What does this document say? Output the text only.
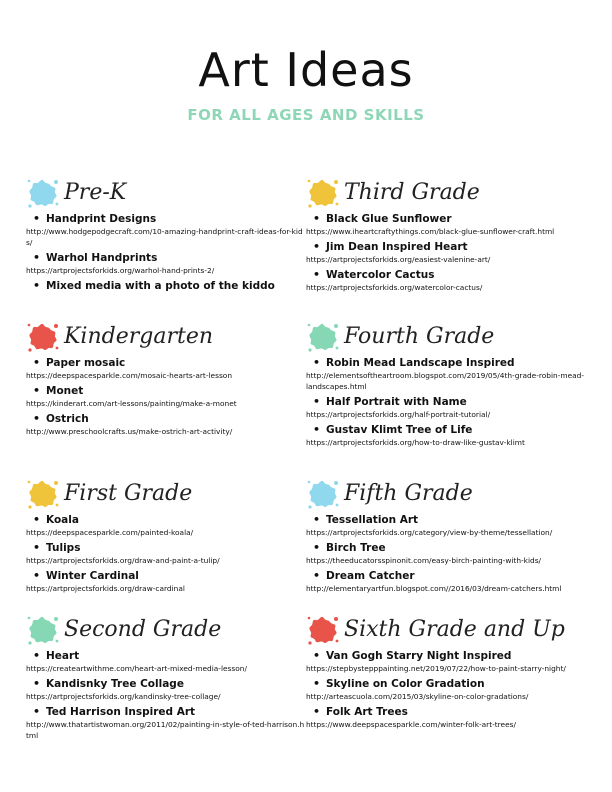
Art Ideas
FOR ALL AGES AND SKILLS
Pre-K
• Handprint Designs
http://www.hodgepodgecraft.com/10-amazing-handprint-craft-ideas-for-kids/
• Warhol Handprints
https://artprojectsforkids.org/warhol-hand-prints-2/
• Mixed media with a photo of the kiddo
Third Grade
• Black Glue Sunflower
https://www.iheartcraftythings.com/black-glue-sunflower-craft.html
• Jim Dean Inspired Heart
https://artprojectsforkids.org/easiest-valenine-art/
• Watercolor Cactus
https://artprojectsforkids.org/watercolor-cactus/
Kindergarten
• Paper mosaic
https://deepspacesparkle.com/mosaic-hearts-art-lesson
• Monet
https://kinderart.com/art-lessons/painting/make-a-monet
• Ostrich
http://www.preschoolcrafts.us/make-ostrich-art-activity/
Fourth Grade
• Robin Mead Landscape Inspired
http://elementsoftheartroom.blogspot.com/2019/05/4th-grade-robin-mead-landscapes.html
• Half Portrait with Name
https://artprojectsforkids.org/half-portrait-tutorial/
• Gustav Klimt Tree of Life
https://artprojectsforkids.org/how-to-draw-like-gustav-klimt
First Grade
• Koala
https://deepspacesparkle.com/painted-koala/
• Tulips
https://artprojectsforkids.org/draw-and-paint-a-tulip/
• Winter Cardinal
https://artprojectsforkids.org/draw-cardinal
Fifth Grade
• Tessellation Art
https://artprojectsforkids.org/category/view-by-theme/tessellation/
• Birch Tree
https://theeducatorsspinonit.com/easy-birch-painting-with-kids/
• Dream Catcher
http://elementaryartfun.blogspot.com//2016/03/dream-catchers.html
Second Grade
• Heart
https://createartwithme.com/heart-art-mixed-media-lesson/
• Kandisnky Tree Collage
https://artprojectsforkids.org/kandinsky-tree-collage/
• Ted Harrison Inspired Art
http://www.thatartistwoman.org/2011/02/painting-in-style-of-ted-harrison.html
Sixth Grade and Up
• Van Gogh Starry Night Inspired
https://stepbystepppainting.net/2019/07/22/how-to-paint-starry-night/
• Skyline on Color Gradation
http://arteascuola.com/2015/03/skyline-on-color-gradations/
• Folk Art Trees
https://www.deepspacesparkle.com/winter-folk-art-trees/
